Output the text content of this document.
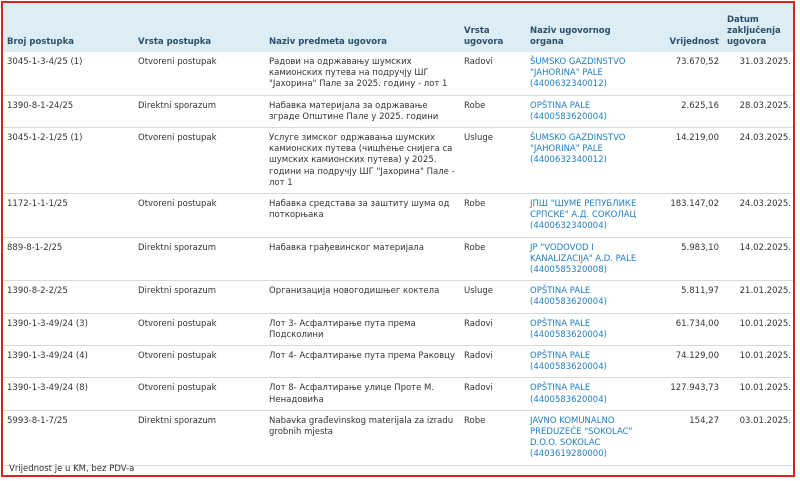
Broj postupka	Vrsta postupka	Naziv predmeta ugovora	Vrsta ugovora	Naziv ugovornog organa	Vrijednost	Datum zaključenja ugovora
3045-1-3-4/25 (1)	Otvoreni postupak	Радови на одржавању шумских камионских путева на подручју ШГ "Јахорина" Пале за 2025. годину - лот 1	Radovi	ŠUMSKO GAZDINSTVO "JAHORINA" PALE (4400632340012)	73.670,52	31.03.2025.
1390-8-1-24/25	Direktni sporazum	Набавка материјала за одржавање зграде Општине Пале у 2025. години	Robe	OPŠTINA PALE (4400583620004)	2.625,16	28.03.2025.
3045-1-2-1/25 (1)	Otvoreni postupak	Услуге зимског одржавања шумских камионских путева (чишћење снијега са шумских камионских путева) у 2025. години на подручју ШГ "Јахорина" Пале - лот 1	Usluge	ŠUMSKO GAZDINSTVO "JAHORINA" PALE (4400632340012)	14.219,00	24.03.2025.
1172-1-1-1/25	Otvoreni postupak	Набавка средстава за заштиту шума од поткорњака	Robe	ЈПШ "ШУМЕ РЕПУБЛИКЕ СРПСКЕ" А.Д. СОКОЛАЦ (4400632340004)	183.147,02	24.03.2025.
889-8-1-2/25	Direktni sporazum	Набавка грађевинског материјала	Robe	JP "VODOVOD I KANALIZACIJA" A.D. PALE (4400585320008)	5.983,10	14.02.2025.
1390-8-2-2/25	Direktni sporazum	Организација новогодишњег коктела	Usluge	OPŠTINA PALE (4400583620004)	5.811,97	21.01.2025.
1390-1-3-49/24 (3)	Otvoreni postupak	Лот 3- Асфалтирање пута према Подсколини	Radovi	OPŠTINA PALE (4400583620004)	61.734,00	10.01.2025.
1390-1-3-49/24 (4)	Otvoreni postupak	Лот 4- Асфалтирање пута према Раковцу	Radovi	OPŠTINA PALE (4400583620004)	74.129,00	10.01.2025.
1390-1-3-49/24 (8)	Otvoreni postupak	Лот 8- Асфалтирање улице Проте М. Ненадовића	Radovi	OPŠTINA PALE (4400583620004)	127.943,73	10.01.2025.
5993-8-1-7/25	Direktni sporazum	Nabavka građevinskog materijala za izradu grobnih mjesta	Robe	JAVNO KOMUNALNO PREDUZEĆE "SOKOLAC" D.O.O. SOKOLAC (4403619280000)	154,27	03.01.2025.
Vrijednost je u KM, bez PDV-a
